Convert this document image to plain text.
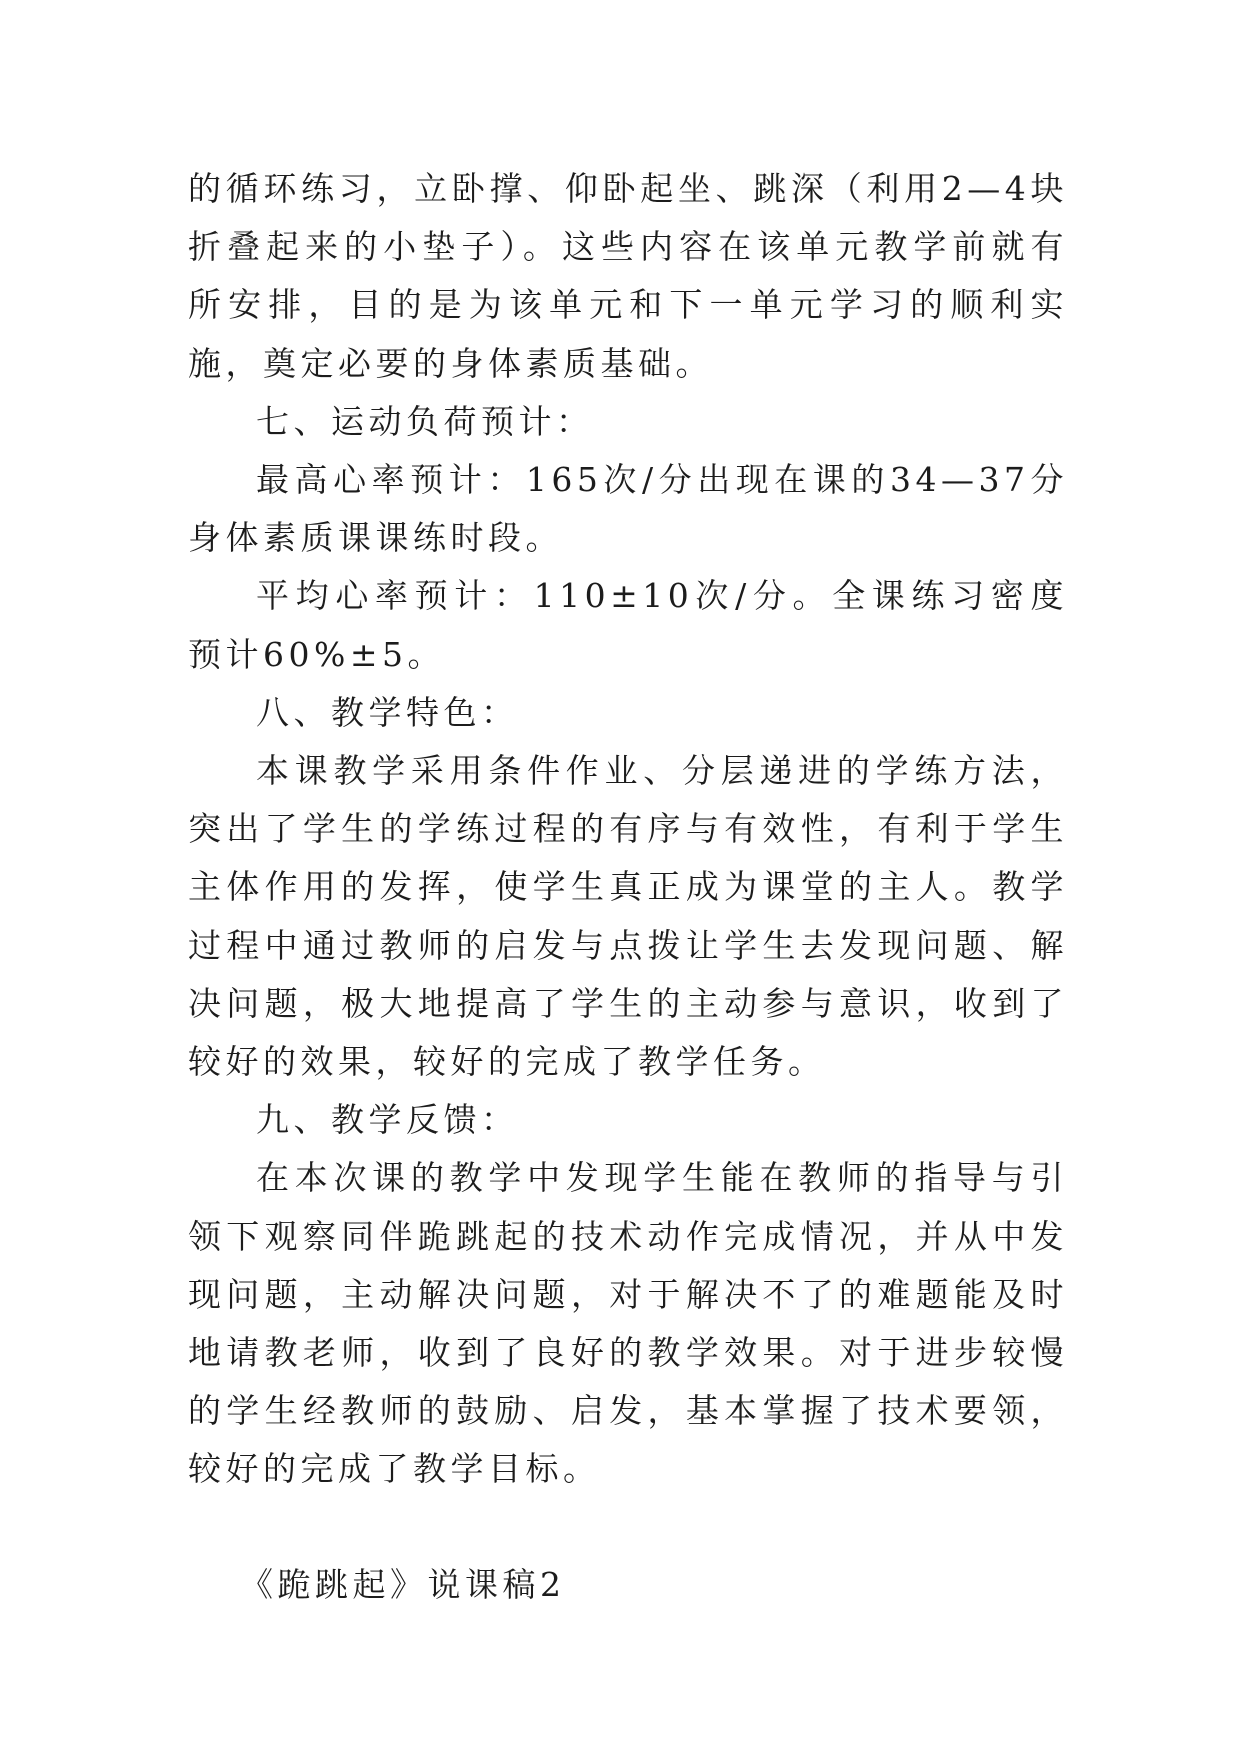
的循环练习，立卧撑、仰卧起坐、跳深（利用2—4块折叠起来的小垫子）。这些内容在该单元教学前就有所安排，目的是为该单元和下一单元学习的顺利实施，奠定必要的身体素质基础。

七、运动负荷预计：

最高心率预计：165次/分出现在课的34—37分身体素质课课练时段。

平均心率预计：110±10次/分。全课练习密度预计60%±5。

八、教学特色：

本课教学采用条件作业、分层递进的学练方法，突出了学生的学练过程的有序与有效性，有利于学生主体作用的发挥，使学生真正成为课堂的主人。教学过程中通过教师的启发与点拨让学生去发现问题、解决问题，极大地提高了学生的主动参与意识，收到了较好的效果，较好的完成了教学任务。

九、教学反馈：

在本次课的教学中发现学生能在教师的指导与引领下观察同伴跪跳起的技术动作完成情况，并从中发现问题，主动解决问题，对于解决不了的难题能及时地请教老师，收到了良好的教学效果。对于进步较慢的学生经教师的鼓励、启发，基本掌握了技术要领，较好的完成了教学目标。

《跪跳起》说课稿2
